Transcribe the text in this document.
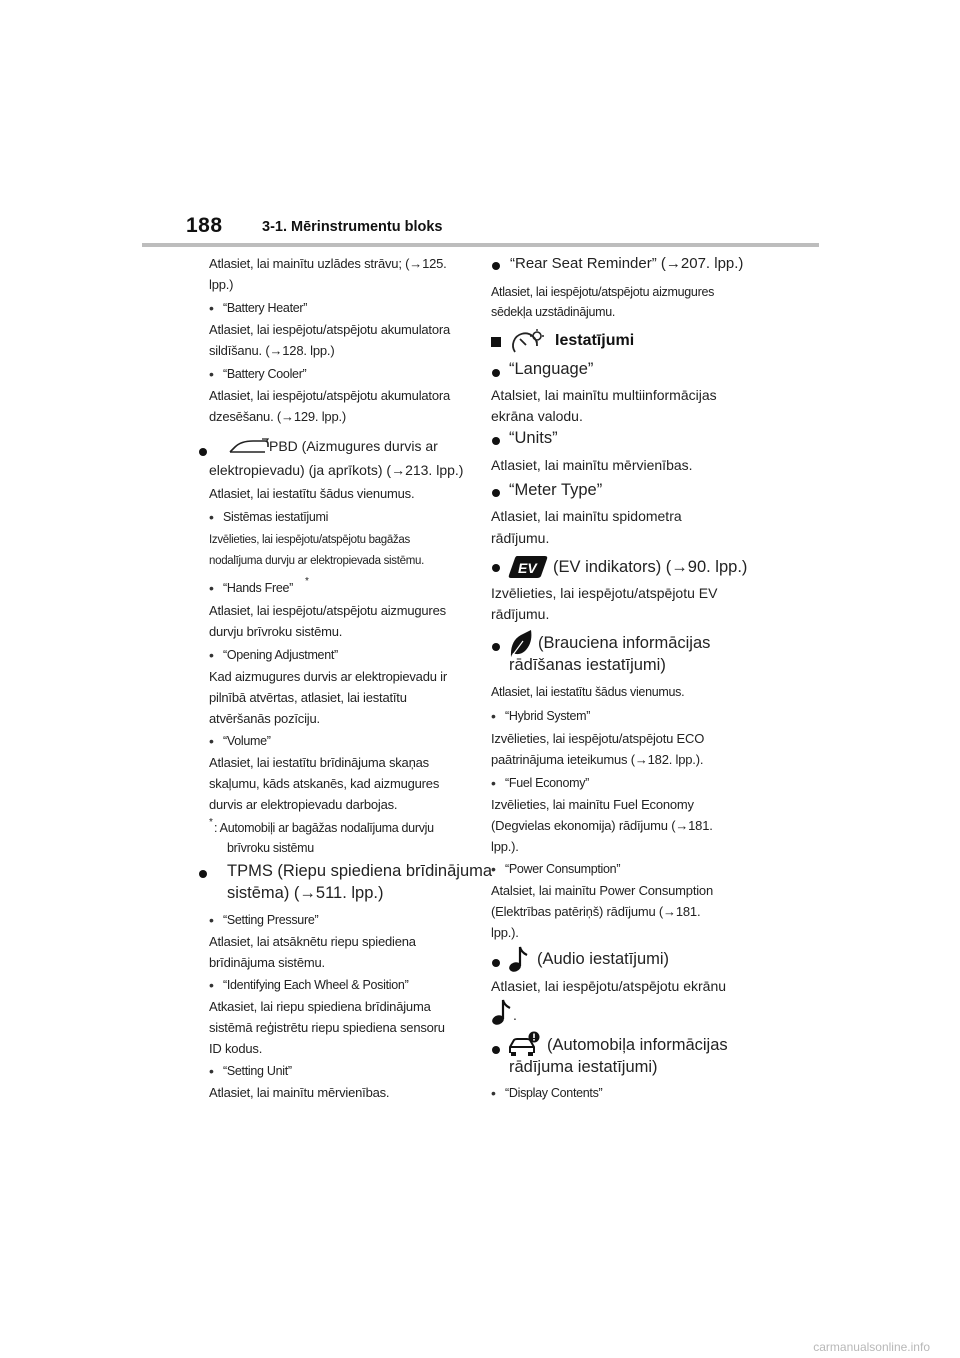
188	3-1. Mērinstrumentu bloks
Atlasiet, lai mainītu uzlādes strāvu; (→125.
lpp.)
• “Battery Heater”
Atlasiet, lai iespējotu/atspējotu akumulatora
sildīšanu. (→128. lpp.)
• “Battery Cooler”
Atlasiet, lai iespējotu/atspējotu akumulatora
dzesēšanu. (→129. lpp.)
PBD (Aizmugures durvis ar
elektropievadu) (ja aprīkots) (→213. lpp.)
Atlasiet, lai iestatītu šādus vienumus.
• Sistēmas iestatījumi
Izvēlieties, lai iespējotu/atspējotu bagāžas
nodalījuma durvju ar elektropievada sistēmu.
• “Hands Free” *
Atlasiet, lai iespējotu/atspējotu aizmugures
durvju brīvroku sistēmu.
• “Opening Adjustment”
Kad aizmugures durvis ar elektropievadu ir
pilnībā atvērtas, atlasiet, lai iestatītu
atvēršanās pozīciju.
• “Volume”
Atlasiet, lai iestatītu brīdinājuma skaņas
skaļumu, kāds atskanēs, kad aizmugures
durvis ar elektropievadu darbojas.
* : Automobiļi ar bagāžas nodalījuma durvju
brīvroku sistēmu
TPMS (Riepu spiediena brīdinājuma
sistēma) (→511. lpp.)
• “Setting Pressure”
Atlasiet, lai atsāknētu riepu spiediena
brīdinājuma sistēmu.
• “Identifying Each Wheel & Position”
Atkasiet, lai riepu spiediena brīdinājuma
sistēmā reģistrētu riepu spiediena sensoru
ID kodus.
• “Setting Unit”
Atlasiet, lai mainītu mērvienības.
“Rear Seat Reminder” (→207. lpp.)
Atlasiet, lai iespējotu/atspējotu aizmugures
sēdekļa uzstādinājumu.
Iestatījumi
“Language”
Atalsiet, lai mainītu multiinformācijas
ekrāna valodu.
“Units”
Atlasiet, lai mainītu mērvienības.
“Meter Type”
Atlasiet, lai mainītu spidometra
rādījumu.
EV (EV indikators) (→90. lpp.)
Izvēlieties, lai iespējotu/atspējotu EV
rādījumu.
(Brauciena informācijas
rādīšanas iestatījumi)
Atlasiet, lai iestatītu šādus vienumus.
• “Hybrid System”
Izvēlieties, lai iespējotu/atspējotu ECO
paātrinājuma ieteikumus (→182. lpp.).
• “Fuel Economy”
Izvēlieties, lai mainītu Fuel Economy
(Degvielas ekonomija) rādījumu (→181.
lpp.).
• “Power Consumption”
Atalsiet, lai mainītu Power Consumption
(Elektrības patēriņš) rādījumu (→181.
lpp.).
(Audio iestatījumi)
Atlasiet, lai iespējotu/atspējotu ekrānu
.
(Automobiļa informācijas
rādījuma iestatījumi)
• “Display Contents”
carmanualsonline.info
